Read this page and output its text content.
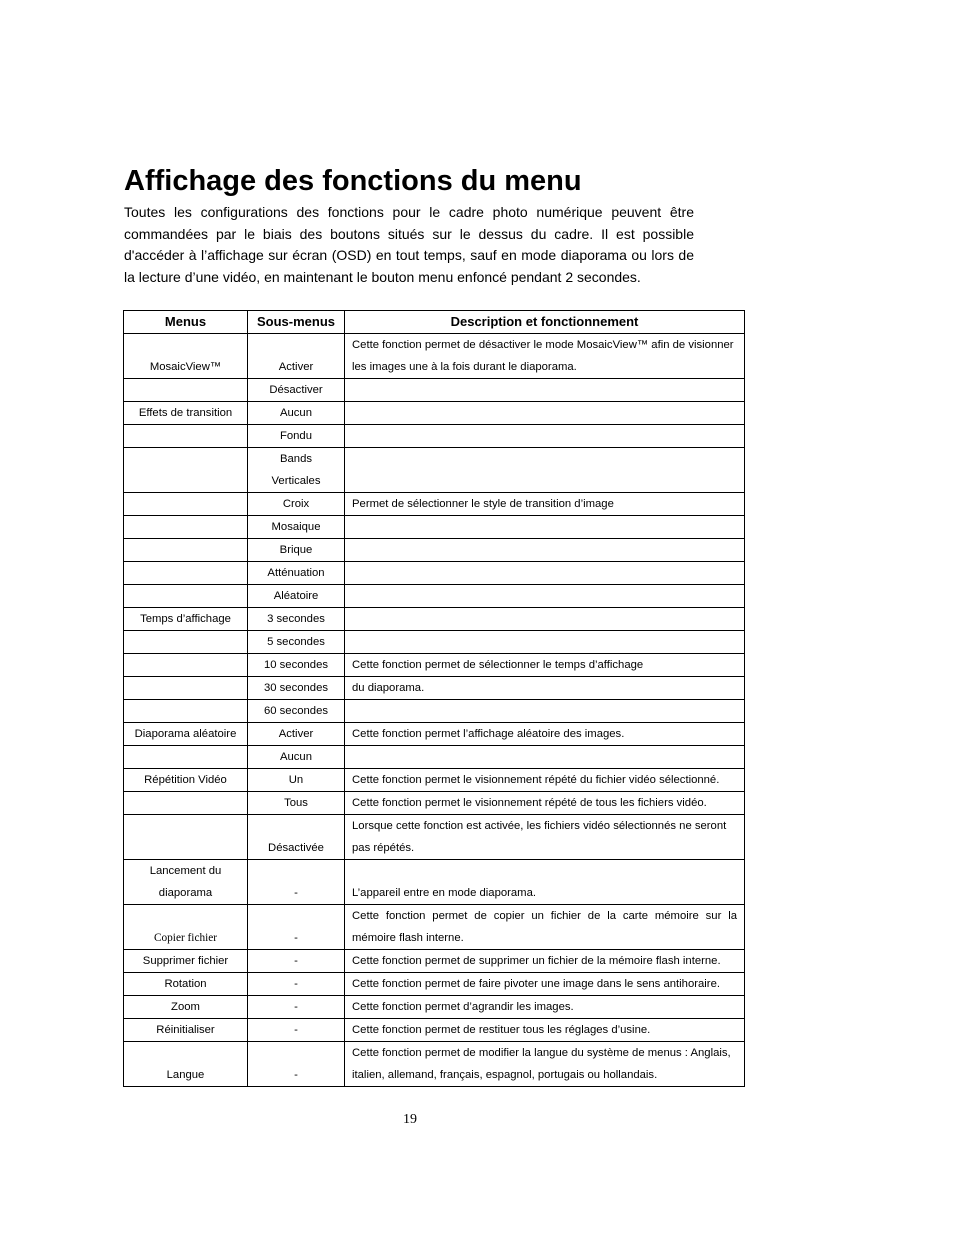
Affichage des fonctions du menu

Toutes les configurations des fonctions pour le cadre photo numérique peuvent être commandées par le biais des boutons situés sur le dessus du cadre. Il est possible d'accéder à l’affichage sur écran (OSD) en tout temps, sauf en mode diaporama ou lors de la lecture d’une vidéo, en maintenant le bouton menu enfoncé pendant 2 secondes.

Menus	Sous-menus	Description et fonctionnement
MosaicView™	Activer	Cette fonction permet de désactiver le mode MosaicView™ afin de visionner les images une à la fois durant le diaporama.
	Désactiver	
Effets de transition	Aucun	
	Fondu	
	Bands Verticales	
	Croix	Permet de sélectionner le style de transition d’image
	Mosaique	
	Brique	
	Atténuation	
	Aléatoire	
Temps d’affichage	3 secondes	
	5 secondes	
	10 secondes	Cette fonction permet de sélectionner le temps d’affichage
	30 secondes	du diaporama.
	60 secondes	
Diaporama aléatoire	Activer	Cette fonction permet l’affichage aléatoire des images.
	Aucun	
Répétition Vidéo	Un	Cette fonction permet le visionnement répété du fichier vidéo sélectionné.
	Tous	Cette fonction permet le visionnement répété de tous les fichiers vidéo.
	Désactivée	Lorsque cette fonction est activée, les fichiers vidéo sélectionnés ne seront pas répétés.
Lancement du diaporama	-	L’appareil entre en mode diaporama.
Copier fichier	-	Cette fonction permet de copier un fichier de la carte mémoire sur la mémoire flash interne.
Supprimer fichier	-	Cette fonction permet de supprimer un fichier de la mémoire flash interne.
Rotation	-	Cette fonction permet de faire pivoter une image dans le sens antihoraire.
Zoom	-	Cette fonction permet d’agrandir les images.
Réinitialiser	-	Cette fonction permet de restituer tous les réglages d’usine.
Langue	-	Cette fonction permet de modifier la langue du système de menus : Anglais, italien, allemand, français, espagnol, portugais ou hollandais.
19
